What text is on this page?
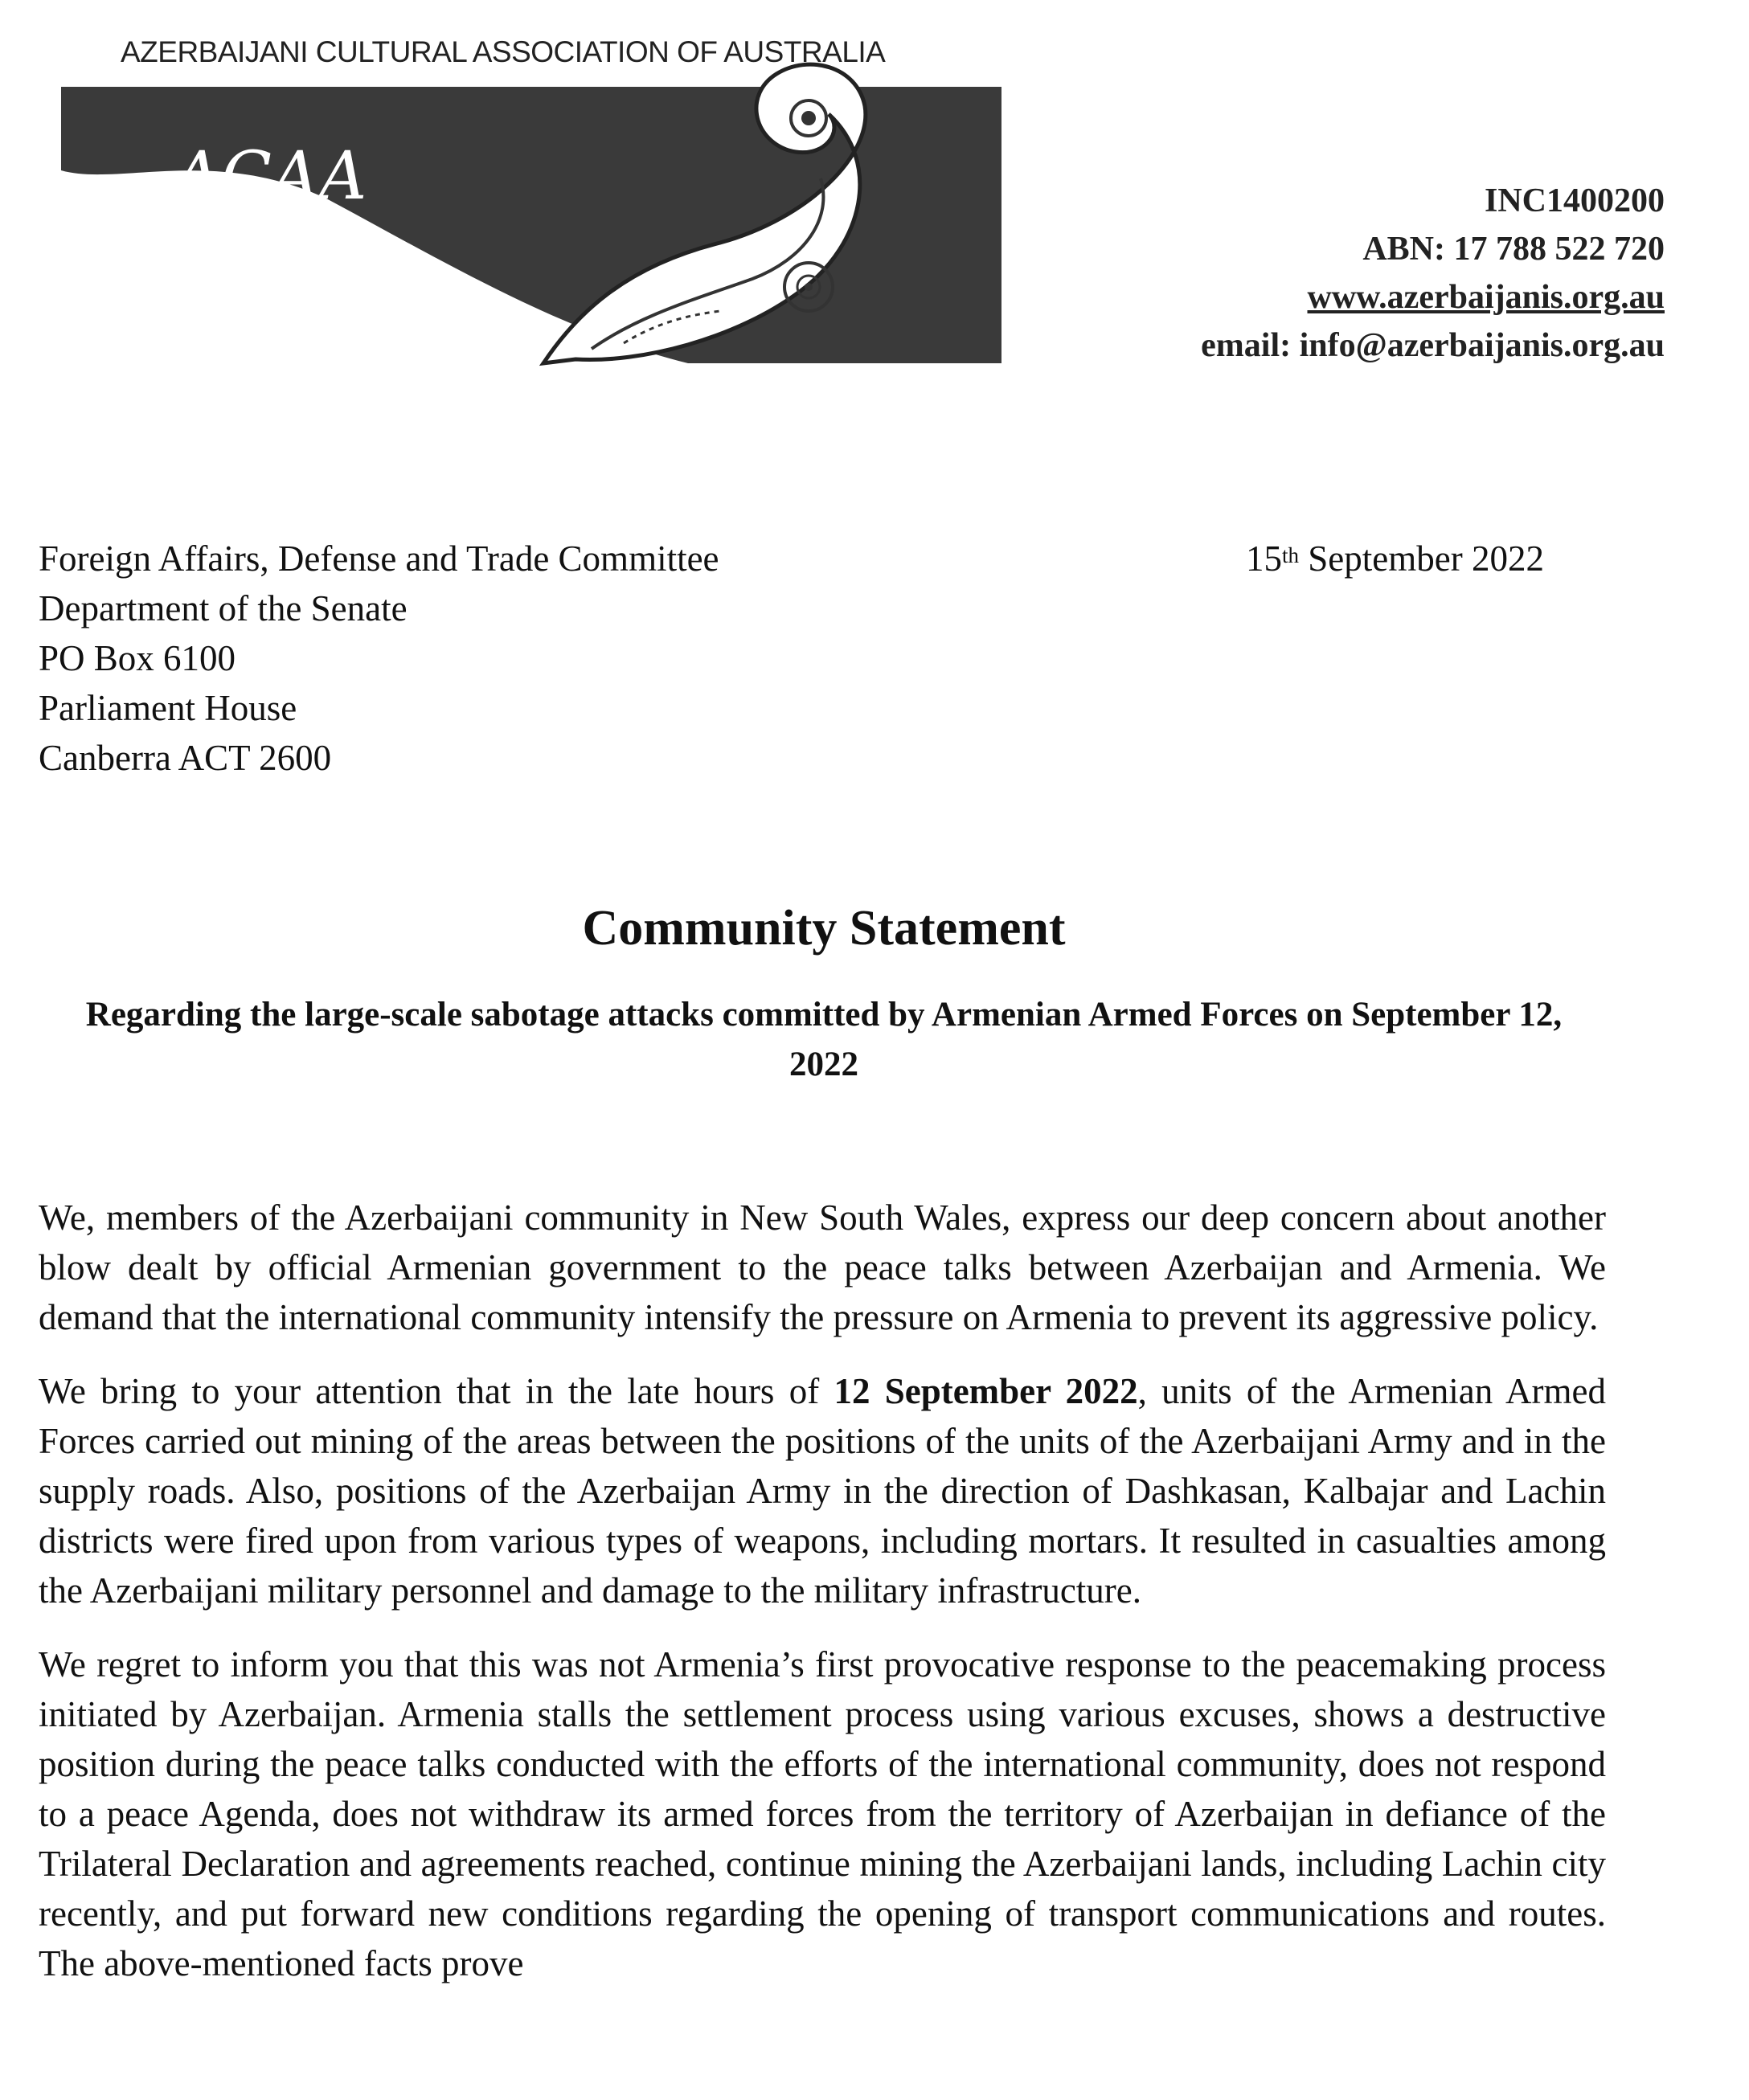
AZERBAIJANI CULTURAL ASSOCIATION OF AUSTRALIA
ACAA	INC1400200
ABN: 17 788 522 720
www.azerbaijanis.org.au
email: info@azerbaijanis.org.au
Foreign Affairs, Defense and Trade Committee
Department of the Senate
PO Box 6100
Parliament House
Canberra ACT 2600
15th September 2022
Community Statement
Regarding the large-scale sabotage attacks committed by Armenian Armed Forces on September 12, 2022

We, members of the Azerbaijani community in New South Wales, express our deep concern about another blow dealt by official Armenian government to the peace talks between Azerbaijan and Armenia. We demand that the international community intensify the pressure on Armenia to prevent its aggressive policy.

We bring to your attention that in the late hours of 12 September 2022, units of the Armenian Armed Forces carried out mining of the areas between the positions of the units of the Azerbaijani Army and in the supply roads. Also, positions of the Azerbaijan Army in the direction of Dashkasan, Kalbajar and Lachin districts were fired upon from various types of weapons, including mortars. It resulted in casualties among the Azerbaijani military personnel and damage to the military infrastructure.

We regret to inform you that this was not Armenia’s first provocative response to the peacemaking process initiated by Azerbaijan. Armenia stalls the settlement process using various excuses, shows a destructive position during the peace talks conducted with the efforts of the international community, does not respond to a peace Agenda, does not withdraw its armed forces from the territory of Azerbaijan in defiance of the Trilateral Declaration and agreements reached, continue mining the Azerbaijani lands, including Lachin city recently, and put forward new conditions regarding the opening of transport communications and routes. The above-mentioned facts prove
